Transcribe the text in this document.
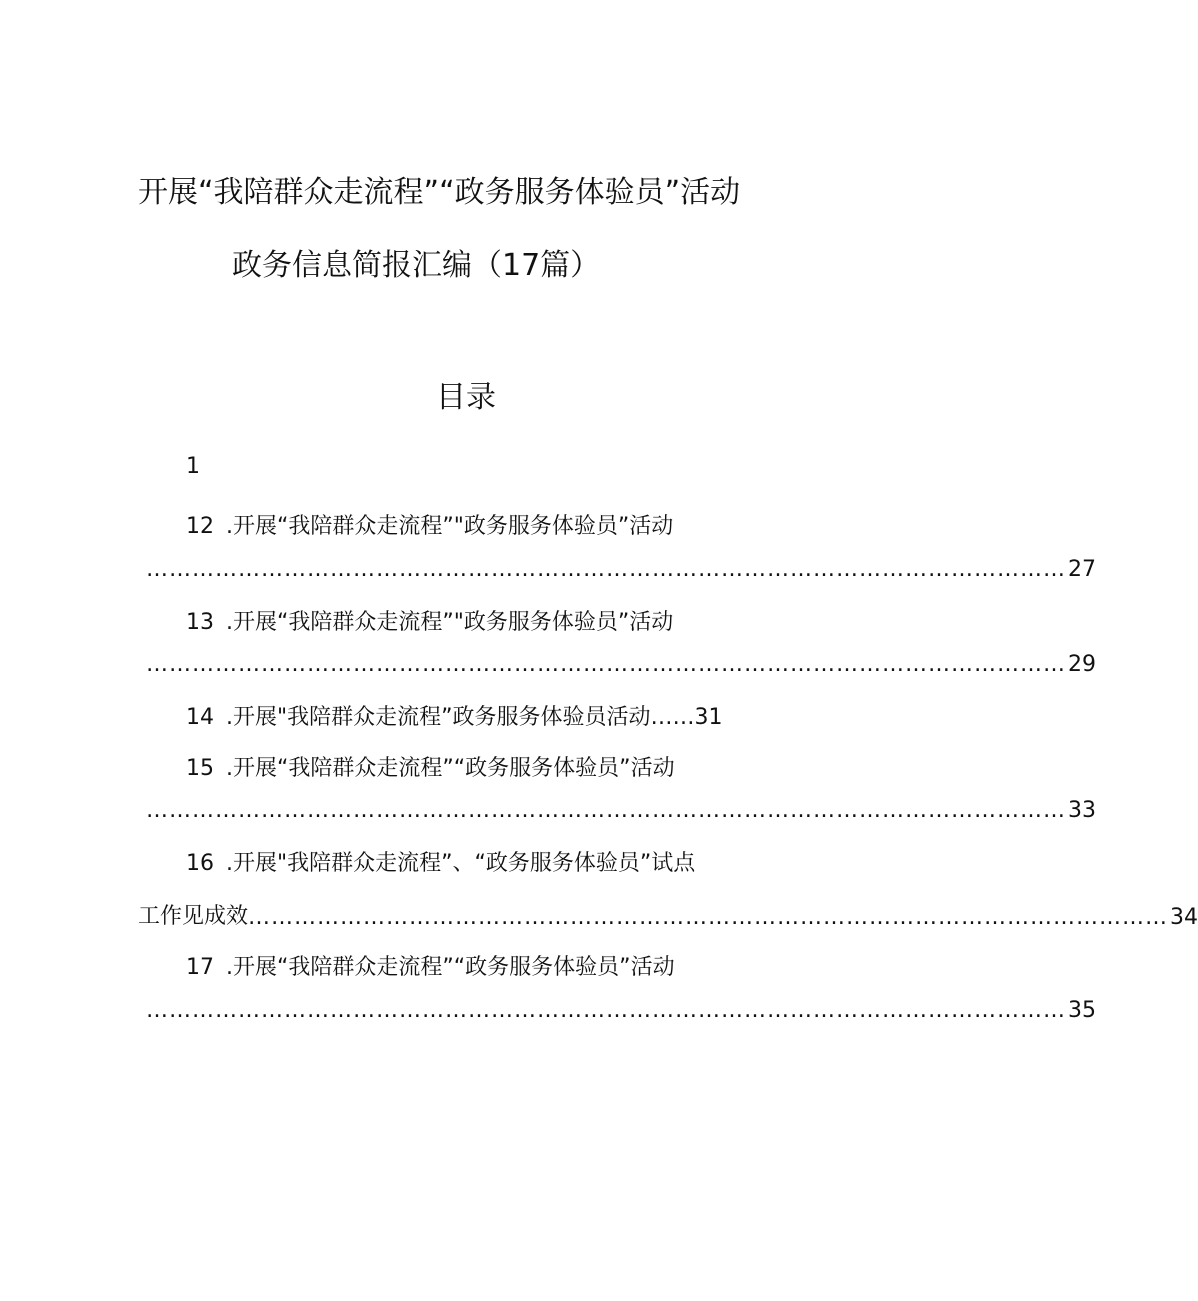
开展“我陪群众走流程”“政务服务体验员”活动
政务信息简报汇编（17篇）
目录
1
12 .开展“我陪群众走流程”"政务服务体验员”活动
………………………………………………………………………………………………………… 27
13 .开展“我陪群众走流程”"政务服务体验员”活动
………………………………………………………………………………………………………… 29
14 .开展"我陪群众走流程”政务服务体验员活动……31
15 .开展“我陪群众走流程”“政务服务体验员”活动
………………………………………………………………………………………………………… 33
16 .开展"我陪群众走流程”、“政务服务体验员”试点
工作见成效 ………………………………………………………………………………………………………… 34
17 .开展“我陪群众走流程”“政务服务体验员”活动
………………………………………………………………………………………………………… 35
